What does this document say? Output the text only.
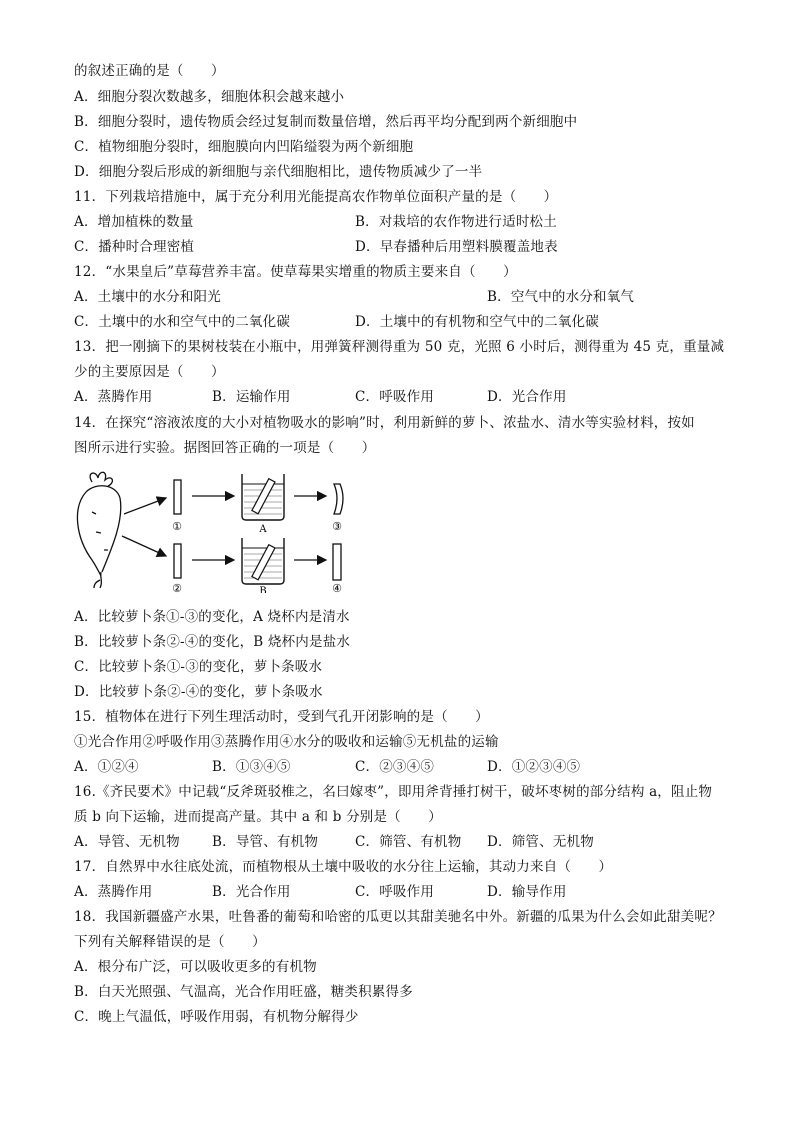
的叙述正确的是（　　）
A．细胞分裂次数越多，细胞体积会越来越小
B．细胞分裂时，遗传物质会经过复制而数量倍增，然后再平均分配到两个新细胞中
C．植物细胞分裂时，细胞膜向内凹陷缢裂为两个新细胞
D．细胞分裂后形成的新细胞与亲代细胞相比，遗传物质减少了一半
11．下列栽培措施中，属于充分利用光能提高农作物单位面积产量的是（　　）
A．增加植株的数量	B．对栽培的农作物进行适时松土
C．播种时合理密植	D．早春播种后用塑料膜覆盖地表
12．“水果皇后”草莓营养丰富。使草莓果实增重的物质主要来自（　　）
A．土壤中的水分和阳光	B．空气中的水分和氧气
C．土壤中的水和空气中的二氧化碳	D．土壤中的有机物和空气中的二氧化碳
13．把一刚摘下的果树枝装在小瓶中，用弹簧秤测得重为 50 克，光照 6 小时后，测得重为 45 克，重量减
少的主要原因是（　　）
A．蒸腾作用	B．运输作用	C．呼吸作用	D．光合作用
14．在探究“溶液浓度的大小对植物吸水的影响”时，利用新鲜的萝卜、浓盐水、清水等实验材料，按如
图所示进行实验。据图回答正确的一项是（　　）
①
②
A
B
③
④
A．比较萝卜条①-③的变化，A 烧杯内是清水
B．比较萝卜条②-④的变化，B 烧杯内是盐水
C．比较萝卜条①-③的变化，萝卜条吸水
D．比较萝卜条②-④的变化，萝卜条吸水
15．植物体在进行下列生理活动时，受到气孔开闭影响的是（　　）
①光合作用②呼吸作用③蒸腾作用④水分的吸收和运输⑤无机盐的运输
A．①②④	B．①③④⑤	C．②③④⑤	D．①②③④⑤
16.《齐民要术》中记载“反斧斑驳椎之，名曰嫁枣”，即用斧背捶打树干，破坏枣树的部分结构 a，阻止物
质 b 向下运输，进而提高产量。其中 a 和 b 分别是（　　）
A．导管、无机物 B．导管、有机物	C．筛管、有机物 D．筛管、无机物
17．自然界中水往底处流，而植物根从土壤中吸收的水分往上运输，其动力来自（　　）
A．蒸腾作用	B．光合作用	C．呼吸作用	D．输导作用
18．我国新疆盛产水果，吐鲁番的葡萄和哈密的瓜更以其甜美驰名中外。新疆的瓜果为什么会如此甜美呢？
下列有关解释错误的是（　　）
A．根分布广泛，可以吸收更多的有机物
B．白天光照强、气温高，光合作用旺盛，糖类积累得多
C．晚上气温低，呼吸作用弱，有机物分解得少
